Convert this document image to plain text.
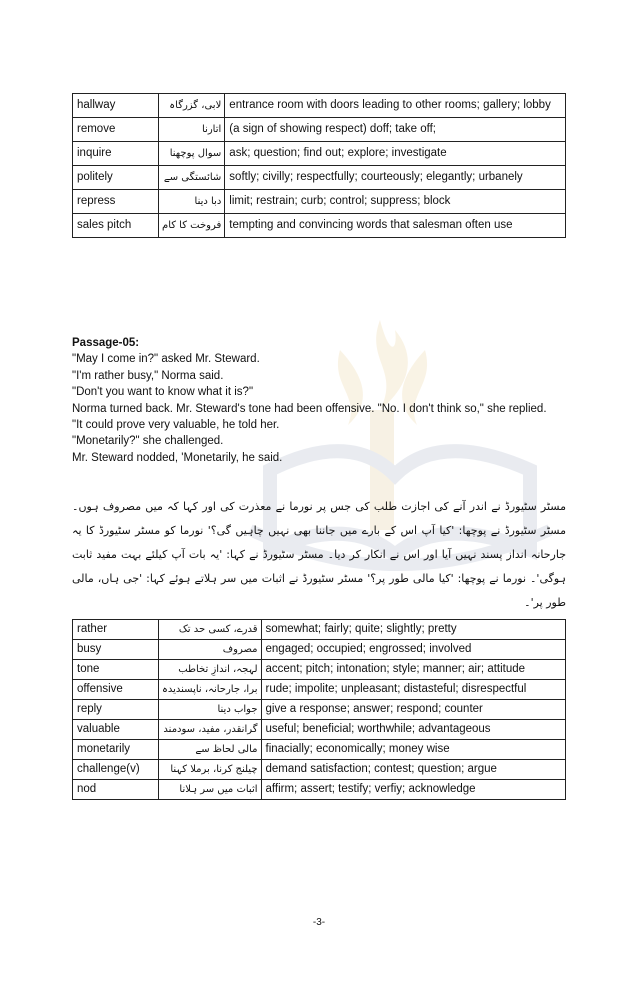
hallway	لابی، گزرگاہ	entrance room with doors leading to other rooms; gallery; lobby
remove	اتارنا	(a sign of showing respect) doff; take off;
inquire	سوال پوچھنا	ask; question; find out; explore; investigate
politely	شائستگی سے	softly; civilly; respectfully; courteously; elegantly; urbanely
repress	دبا دینا	limit; restrain; curb; control; suppress; block
sales pitch	فروخت کا کام	tempting and convincing words that salesman often use

Passage-05:

"May I come in?" asked Mr. Steward.

"I'm rather busy," Norma said.

"Don't you want to know what it is?"

Norma turned back. Mr. Steward's tone had been offensive. "No. I don't think so," she replied.

"It could prove very valuable, he told her.

"Monetarily?" she challenged.

Mr. Steward nodded, 'Monetarily, he said.

مسٹر سٹیورڈ نے اندر آنے کی اجازت طلب کی جس پر نورما نے معذرت کی اور کہا کہ میں مصروف ہوں۔ مسٹر سٹیورڈ نے پوچھا: 'کیا آپ اس کے بارے میں جاننا بھی نہیں چاہیں گی؟' نورما کو مسٹر سٹیورڈ کا یہ جارحانہ انداز پسند نہیں آیا اور اس نے انکار کر دیا۔ مسٹر سٹیورڈ نے کہا: 'یہ بات آپ کیلئے بہت مفید ثابت ہوگی'۔ نورما نے پوچھا: 'کیا مالی طور پر؟' مسٹر سٹیورڈ نے اثبات میں سر ہلاتے ہوئے کہا: 'جی ہاں، مالی طور پر'۔
rather	قدرے، کسی حد تک	somewhat; fairly; quite; slightly; pretty
busy	مصروف	engaged; occupied; engrossed; involved
tone	لہجہ، اندازِ تخاطب	accent; pitch; intonation; style; manner; air; attitude
offensive	برا، جارحانہ، ناپسندیدہ	rude; impolite; unpleasant; distasteful; disrespectful
reply	جواب دینا	give a response; answer; respond; counter
valuable	گرانقدر، مفید، سودمند	useful; beneficial; worthwhile; advantageous
monetarily	مالی لحاظ سے	finacially; economically; money wise
challenge(v)	چیلنج کرنا، برملا کہنا	demand satisfaction; contest; question; argue
nod	اثبات میں سر ہلانا	affirm; assert; testify; verfiy; acknowledge
-3-
